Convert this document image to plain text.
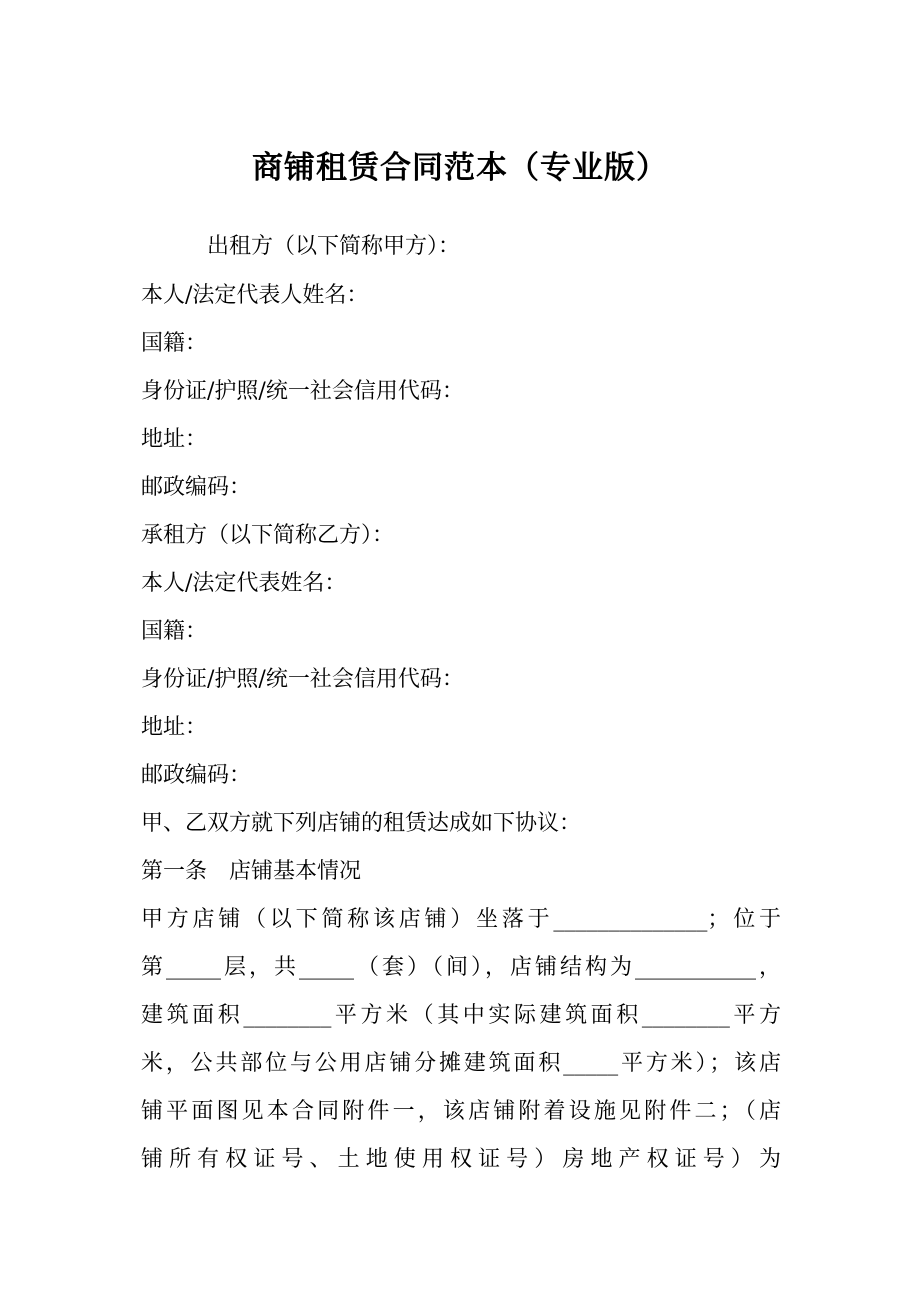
商铺租赁合同范本（专业版）
出租方（以下简称甲方）：
本人/法定代表人姓名：
国籍：
身份证/护照/统一社会信用代码：
地址：
邮政编码：
承租方（以下简称乙方）：
本人/法定代表姓名：
国籍：
身份证/护照/统一社会信用代码：
地址：
邮政编码：
甲、乙双方就下列店铺的租赁达成如下协议：
第一条　店铺基本情况
甲方店铺（以下简称该店铺）坐落于______________；位于
第_____层，共_____（套）（间），店铺结构为___________，
建筑面积________平方米（其中实际建筑面积________平方
米，公共部位与公用店铺分摊建筑面积_____平方米）；该店
铺平面图见本合同附件一，该店铺附着设施见附件二；（店
铺所有权证号、土地使用权证号）房地产权证号）为
